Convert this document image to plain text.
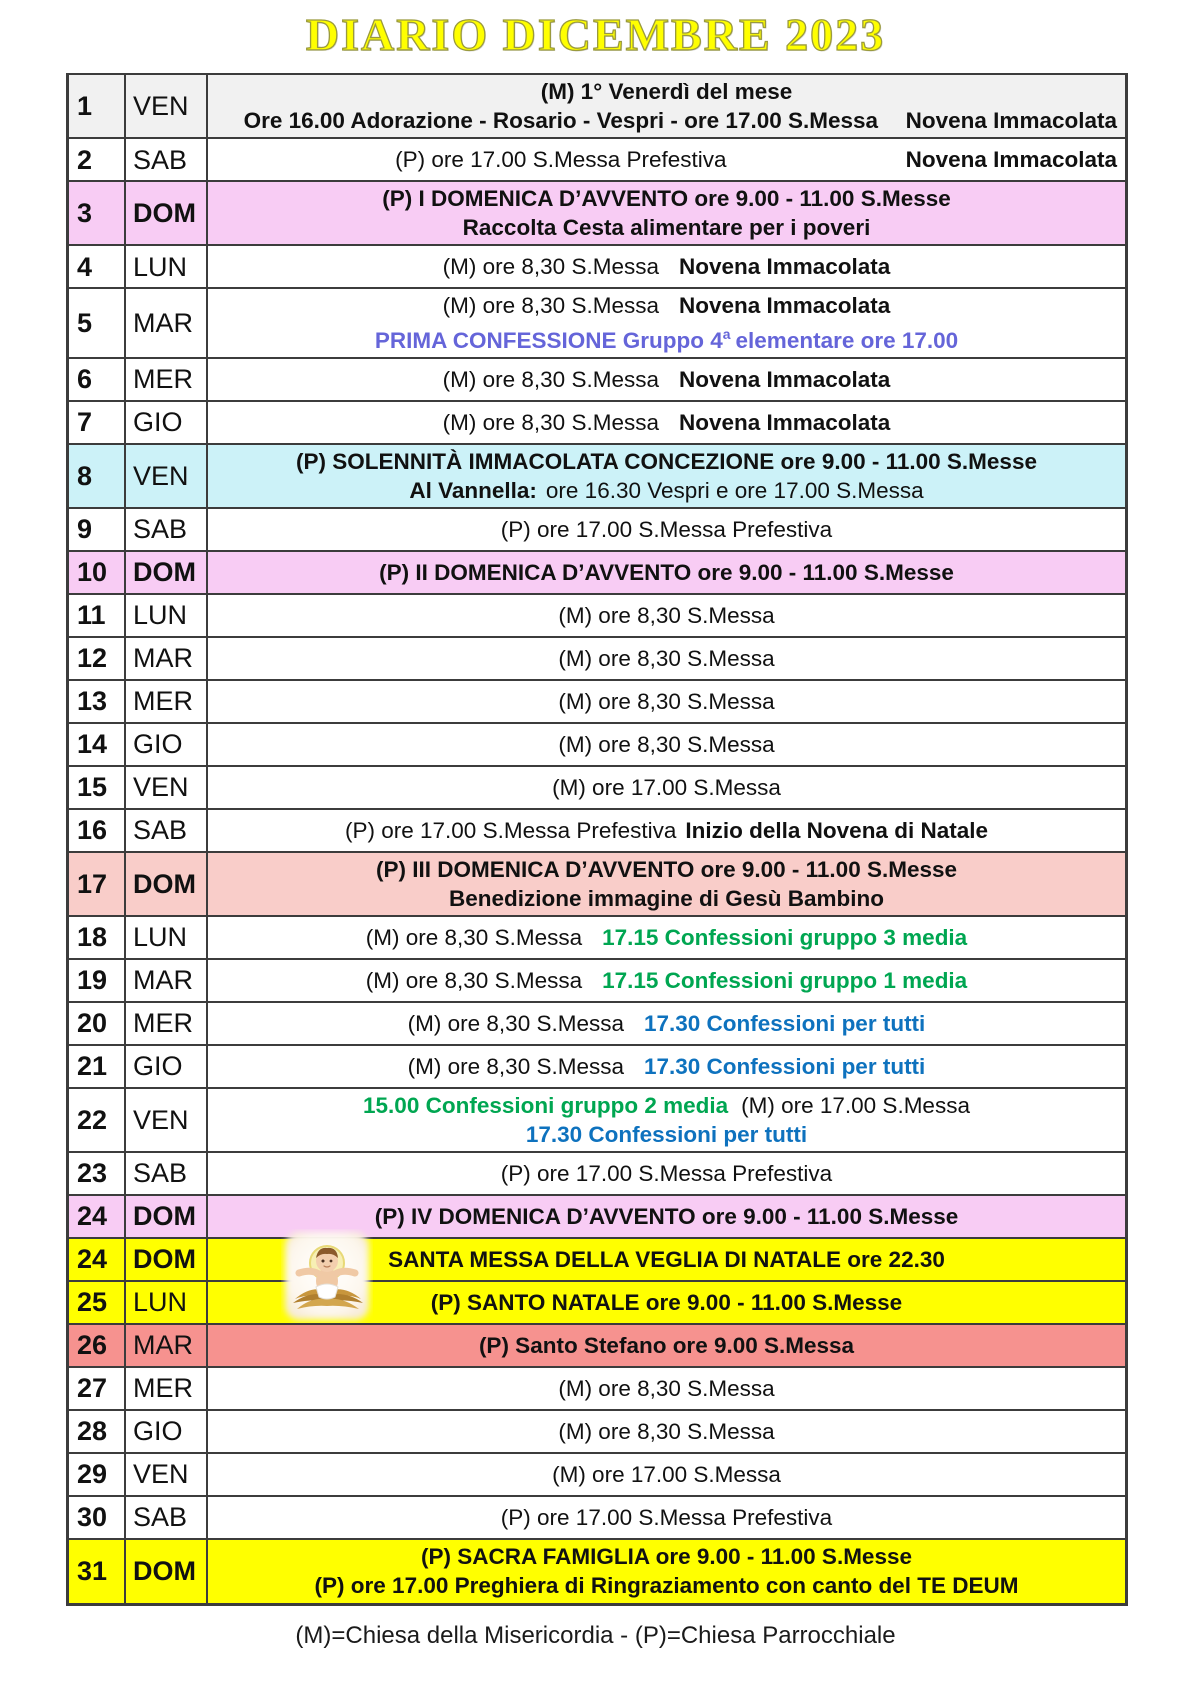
DIARIO DICEMBRE 2023
1	VEN	(M) 1° Venerdì del mese
Ore 16.00 Adorazione - Rosario - Vespri - ore 17.00 S.Messa	Novena Immacolata
2	SAB	(P) ore 17.00 S.Messa Prefestiva	Novena Immacolata
3	DOM	(P) I DOMENICA D’AVVENTO ore 9.00 - 11.00 S.Messe
Raccolta Cesta alimentare per i poveri
4	LUN	(M) ore 8,30 S.Messa Novena Immacolata
5	MAR
(M) ore 8,30 S.Messa Novena Immacolata
PRIMA CONFESSIONE Gruppo 4 $^a$ elementare ore 17.00
6	MER	(M) ore 8,30 S.Messa Novena Immacolata
7	GIO	(M) ore 8,30 S.Messa Novena Immacolata
8	VEN	(P) SOLENNITÀ IMMACOLATA CONCEZIONE ore 9.00 - 11.00 S.Messe
Al Vannella: ore 16.30 Vespri e ore 17.00 S.Messa
9	SAB	(P) ore 17.00 S.Messa Prefestiva
10 DOM	(P) II DOMENICA D’AVVENTO ore 9.00 - 11.00 S.Messe
11	LUN	(M) ore 8,30 S.Messa
12 MAR	(M) ore 8,30 S.Messa
13 MER	(M) ore 8,30 S.Messa
14 GIO	(M) ore 8,30 S.Messa
15 VEN	(M) ore 17.00 S.Messa
16 SAB	(P) ore 17.00 S.Messa Prefestiva Inizio della Novena di Natale
17 DOM	(P) III DOMENICA D’AVVENTO ore 9.00 - 11.00 S.Messe
Benedizione immagine di Gesù Bambino
18 LUN	(M) ore 8,30 S.Messa 17.15 Confessioni gruppo 3 media
19 MAR	(M) ore 8,30 S.Messa 17.15 Confessioni gruppo 1 media
20 MER	(M) ore 8,30 S.Messa 17.30 Confessioni per tutti
21 GIO	(M) ore 8,30 S.Messa 17.30 Confessioni per tutti
22 VEN	15.00 Confessioni gruppo 2 media (M) ore 17.00 S.Messa
17.30 Confessioni per tutti
23 SAB	(P) ore 17.00 S.Messa Prefestiva
24 DOM	(P) IV DOMENICA D’AVVENTO ore 9.00 - 11.00 S.Messe
24 DOM	SANTA MESSA DELLA VEGLIA DI NATALE ore 22.30
25 LUN	(P) SANTO NATALE ore 9.00 - 11.00 S.Messe
26 MAR	(P) Santo Stefano ore 9.00 S.Messa
27 MER	(M) ore 8,30 S.Messa
28 GIO	(M) ore 8,30 S.Messa
29 VEN	(M) ore 17.00 S.Messa
30 SAB	(P) ore 17.00 S.Messa Prefestiva
31 DOM	(P) SACRA FAMIGLIA ore 9.00 - 11.00 S.Messe
(P) ore 17.00 Preghiera di Ringraziamento con canto del TE DEUM
(M)=Chiesa della Misericordia - (P)=Chiesa Parrocchiale
